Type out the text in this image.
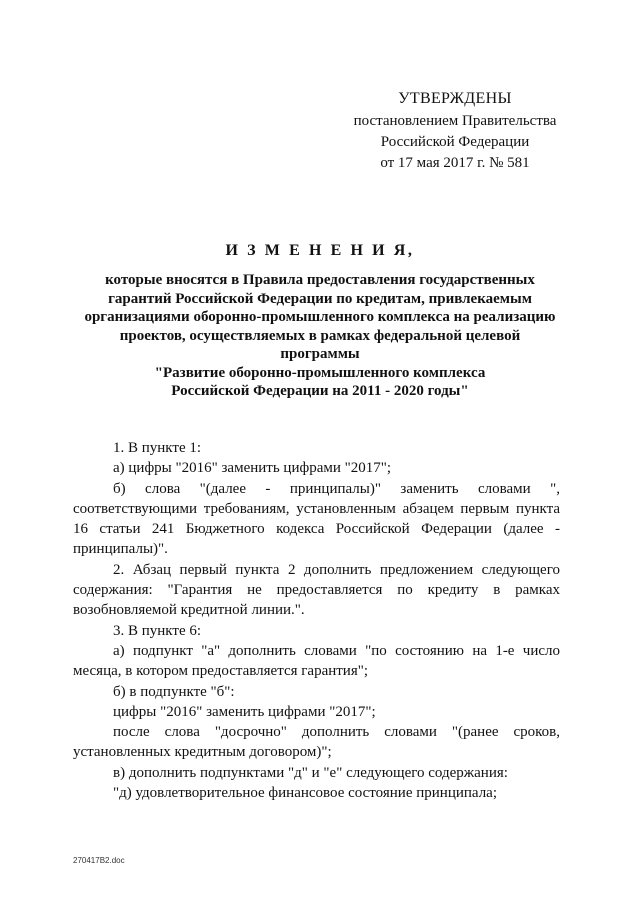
УТВЕРЖДЕНЫ
постановлением Правительства
Российской Федерации
от 17 мая 2017 г. № 581
И З М Е Н Е Н И Я,
которые вносятся в Правила предоставления государственных
гарантий Российской Федерации по кредитам, привлекаемым
организациями оборонно-промышленного комплекса на реализацию
проектов, осуществляемых в рамках федеральной целевой программы
"Развитие оборонно-промышленного комплекса
Российской Федерации на 2011 - 2020 годы"

1. В пункте 1:

а) цифры "2016" заменить цифрами "2017";

б) слова "(далее - принципалы)" заменить словами ", соответствующими требованиям, установленным абзацем первым пункта 16 статьи 241 Бюджетного кодекса Российской Федерации (далее - принципалы)".

2. Абзац первый пункта 2 дополнить предложением следующего содержания: "Гарантия не предоставляется по кредиту в рамках возобновляемой кредитной линии.".

3. В пункте 6:

а) подпункт "а" дополнить словами "по состоянию на 1-е число месяца, в котором предоставляется гарантия";

б) в подпункте "б":

цифры "2016" заменить цифрами "2017";

после слова "досрочно" дополнить словами "(ранее сроков, установленных кредитным договором)";

в) дополнить подпунктами "д" и "е" следующего содержания:

"д) удовлетворительное финансовое состояние принципала;

270417В2.doc
